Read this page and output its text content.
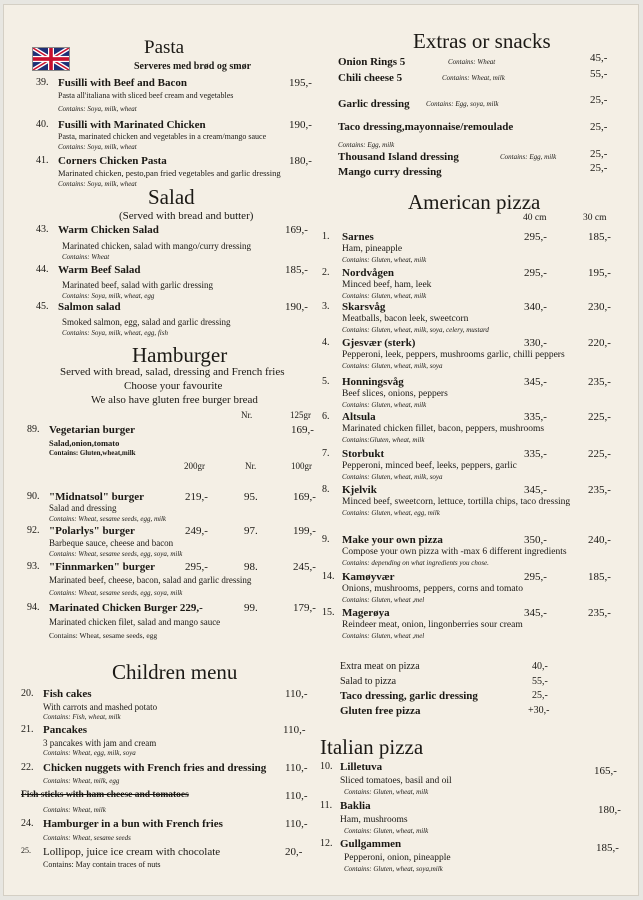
Pasta
Serveres med brød og smør
39. Fusilli with Beef and Bacon	195,-
Pasta all'italiana with sliced beef cream and vegetables
Contains: Soya, milk, wheat
40. Fusilli with Marinated Chicken	190,-
Pasta, marinated chicken and vegetables in a cream/mango sauce
Contains: Soya, milk, wheat
41. Corners Chicken Pasta	180,-
Marinated chicken, pesto,pan fried vegetables and garlic dressing
Contains: Soya, milk, wheat
Salad
(Served with bread and butter)
43. Warm Chicken Salad	169,-
Marinated chicken, salad with mango/curry dressing
Contains: Wheat
44. Warm Beef Salad	185,-
Marinated beef, salad with garlic dressing
Contains: Soya, milk, wheat, egg
45. Salmon salad	190,-
Smoked salmon, egg, salad and garlic dressing
Contains: Soya, milk, wheat, egg, fish
Hamburger
Served with bread, salad, dressing and French fries
Choose your favourite
We also have gluten free burger bread
Nr.	125gr
89. Vegetarian burger	169,-
Salad,onion,tomato
Contains: Gluten,wheat,milk
200gr	Nr.	100gr
90. "Midnatsol" burger	219,-	95.	169,-
Salad and dressing
Contains: Wheat, sesame seeds, egg, milk
92. "Polarlys" burger	249,-	97.	199,-
Barbeque sauce, cheese and bacon
Contains: Wheat, sesame seeds, egg, soya, milk
93. "Finnmarken" burger	295,-	98.	245,-
Marinated beef, cheese, bacon, salad and garlic dressing
Contains: Wheat, sesame seeds, egg, soya, milk
94. Marinated Chicken Burger 229,-	99.	179,-
Marinated chicken filet, salad and mango sauce
Contains: Wheat, sesame seeds, egg
Children menu
20. Fish cakes	110,-
With carrots and mashed potato
Contains: Fish, wheat, milk
21. Pancakes	110,-
3 pancakes with jam and cream
Contains: Wheat, egg, milk, soya
22. Chicken nuggets with French fries and dressing 110,-
Contains: Wheat, milk, egg
Fish sticks with ham cheese and tomatoes	110,-
Contains: Wheat, milk
24. Hamburger in a bun with French fries	110,-
Contains: Wheat, sesame seeds
25. Lollipop, juice ice cream with chocolate	20,-
Contains: May contain traces of nuts
Extras or snacks
Onion Rings 5	Contains: Wheat	45,-
Chili cheese 5	Contains: Wheat, milk	55,-
Garlic dressing Contains: Egg, soya, milk	25,-
Taco dressing,mayonnaise/remoulade
Contains: Egg, milk
25,-
Thousand Island dressing	Contains: Egg, milk	25,-
Mango curry dressing	25,-
American pizza
40 cm	30 cm
1. Sarnes	295,-	185,-
Ham, pineapple
Contains: Gluten, wheat, milk
2. Nordvågen	295,-	195,-
Minced beef, ham, leek
Contains: Gluten, wheat, milk
3. Skarsvåg	340,-	230,-
Meatballs, bacon leek, sweetcorn
Contains: Gluten, wheat, milk, soya, celery, mustard
4. Gjesvær (sterk)	330,-	220,-
Pepperoni, leek, peppers, mushrooms garlic, chilli peppers
Contains: Gluten, wheat, milk, soya
5. Honningsvåg	345,-	235,-
Beef slices, onions, peppers
Contains: Gluten, wheat, milk
6. Altsula	335,-	225,-
Marinated chicken fillet, bacon, peppers, mushrooms
Contains:Gluten, wheat, milk
7. Storbukt	335,-	225,-
Pepperoni, minced beef, leeks, peppers, garlic
Contains: Gluten, wheat, milk, soya
8. Kjelvik	345,-	235,-
Minced beef, sweetcorn, lettuce, tortilla chips, taco dressing
Contains: Gluten, wheat, egg, milk
9. Make your own pizza	350,-	240,-
Compose your own pizza with -max 6 different ingredients
Contains: depending on what ingredients you chose.
14. Kamøyvær	295,-	185,-
Onions, mushrooms, peppers, corns and tomato
Contains: Gluten, wheat ,mel
15. Magerøya	345,-	235,-
Reindeer meat, onion, lingonberries sour cream
Contains: Gluten, wheat ,mel
Extra meat on pizza	40,-
Salad to pizza	55,-
Taco dressing, garlic dressing	25,-
Gluten free pizza	+30,-
Italian pizza
10. Lilletuva	165,-
Sliced tomatoes, basil and oil
Contains: Gluten, wheat, milk
11. Baklia	180,-
Ham, mushrooms
Contains: Gluten, wheat, milk
12. Gullgammen	185,-
Pepperoni, onion, pineapple
Contains: Gluten, wheat, soya,milk
